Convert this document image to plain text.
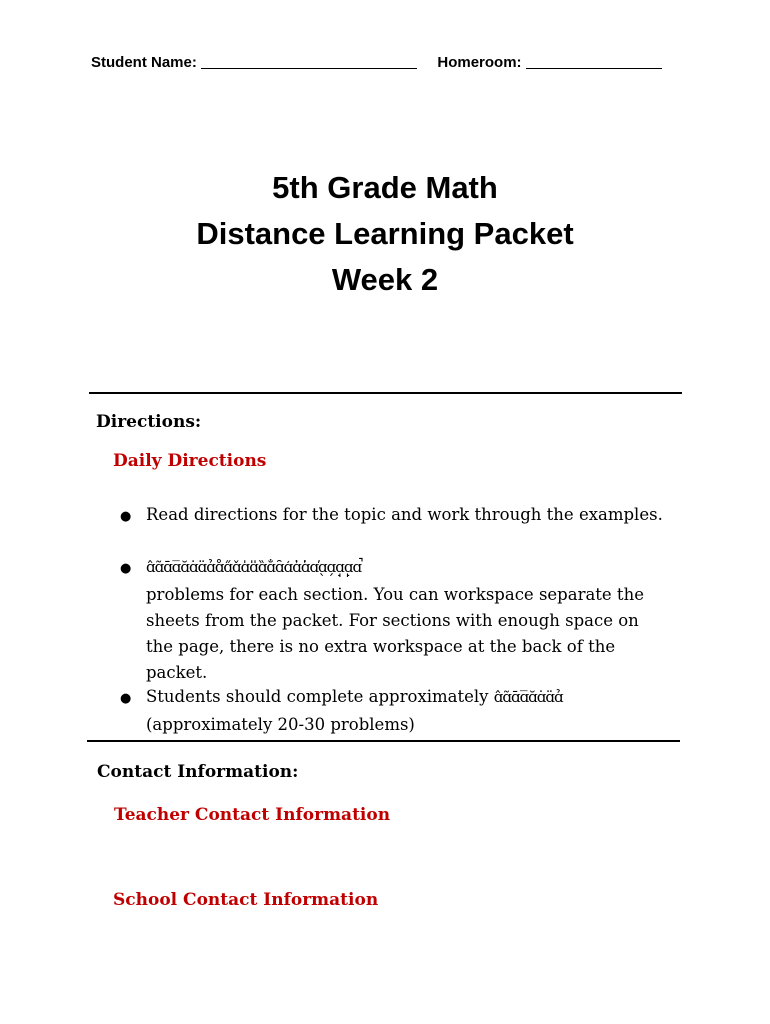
Student Name:	Homeroom:
5th Grade Math
Distance Learning Packet
Week 2
Directions:
Daily Directions
● Read directions for the topic and work through the examples.
● ɑ̂ɑ̃ɑ̄ɑ̅ɑ̆ɑ̇ɑ̈ɑ̉ɑ̊ɑ̋ɑ̌ɑ̍ɑ̎ɑ̏ɑ̐ɑ̑ɑ̒ɑ̓ɑ̔ɑ̕ɑ̖ɑ̗ɑ̘ɑ̙ɑ̚
problems for each section. You can workspace separate the
sheets from the packet. For sections with enough space on
the page, there is no extra workspace at the back of the
packet.
● Students should complete approximately ɑ̂ɑ̃ɑ̄ɑ̅ɑ̆ɑ̇ɑ̈ɑ̉
(approximately 20-30 problems)
Contact Information:
Teacher Contact Information
School Contact Information
